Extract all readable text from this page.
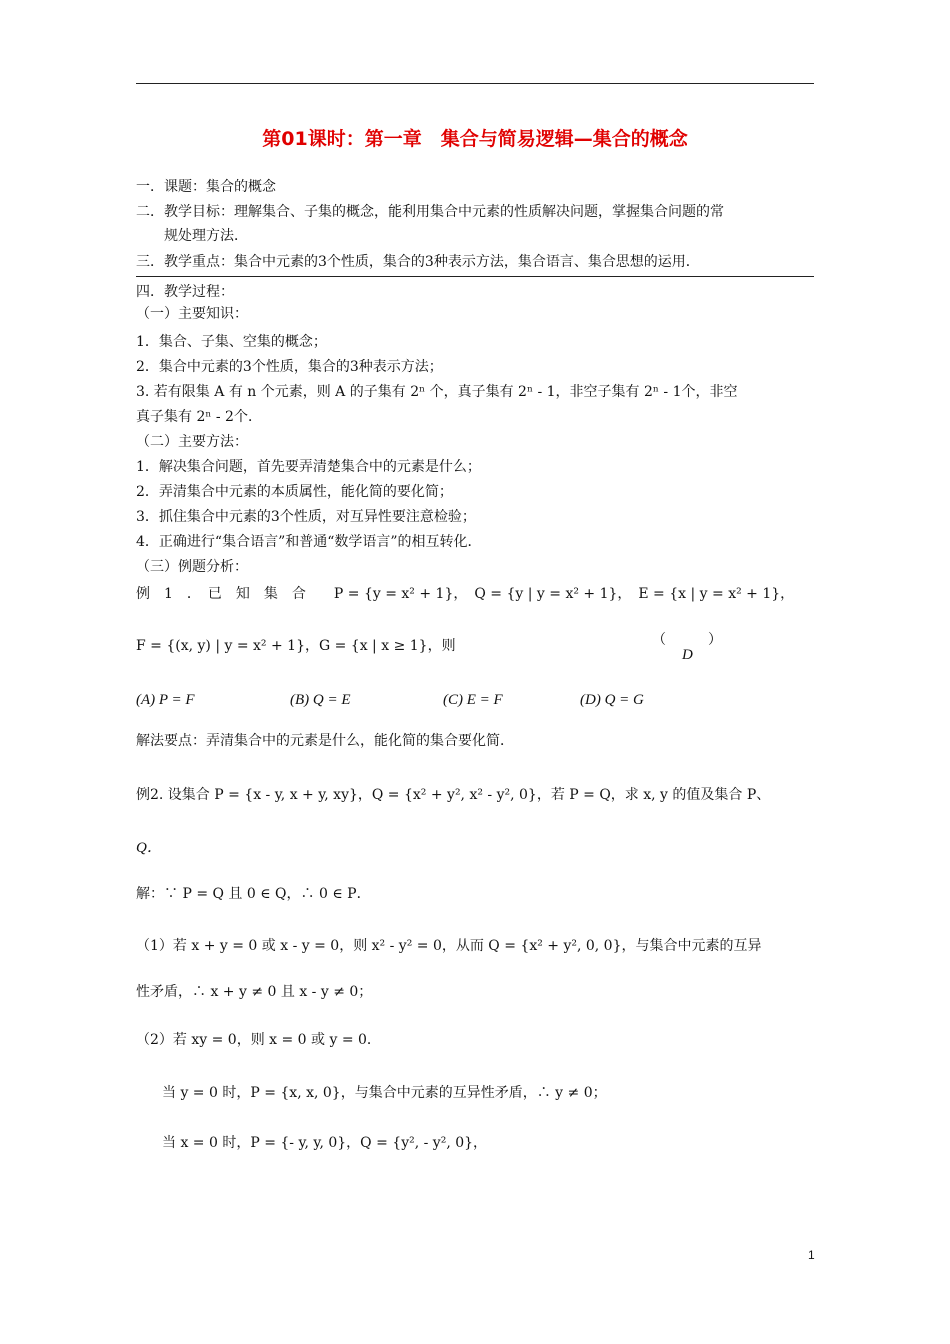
第01课时：第一章　集合与简易逻辑—集合的概念
一．课题：集合的概念
二．教学目标：理解集合、子集的概念，能利用集合中元素的性质解决问题，掌握集合问题的常
规处理方法．
三．教学重点：集合中元素的3个性质，集合的3种表示方法，集合语言、集合思想的运用．
四．教学过程：
（一）主要知识：
1．集合、子集、空集的概念；
2．集合中元素的3个性质，集合的3种表示方法；
3. 若有限集 A 有 n 个元素，则 A 的子集有 2ⁿ 个，真子集有 2ⁿ - 1，非空子集有 2ⁿ - 1个，非空
真子集有 2ⁿ - 2个．
（二）主要方法：
1．解决集合问题，首先要弄清楚集合中的元素是什么；
2．弄清集合中元素的本质属性，能化简的要化简；
3．抓住集合中元素的3个性质，对互异性要注意检验；
4．正确进行“集合语言”和普通“数学语言”的相互转化．
（三）例题分析：
例　1　．　已　知　集　合　　P = {y = x² + 1}，　Q = {y | y = x² + 1}，　E = {x | y = x² + 1}，
F = {(x, y) | y = x² + 1}，G = {x | x ≥ 1}，则	（　　　）
D
(A) P = F	(B) Q = E	(C) E = F	(D) Q = G
解法要点：弄清集合中的元素是什么，能化简的集合要化简．
例2. 设集合 P = {x - y, x + y, xy}，Q = {x² + y², x² - y², 0}，若 P = Q，求 x, y 的值及集合 P、
Q．
解：∵ P = Q 且 0 ∈ Q，∴ 0 ∈ P．
（1）若 x + y = 0 或 x - y = 0，则 x² - y² = 0，从而 Q = {x² + y², 0, 0}，与集合中元素的互异
性矛盾，∴ x + y ≠ 0 且 x - y ≠ 0；
（2）若 xy = 0，则 x = 0 或 y = 0．
当 y = 0 时，P = {x, x, 0}，与集合中元素的互异性矛盾，∴ y ≠ 0；
当 x = 0 时，P = {- y, y, 0}，Q = {y², - y², 0}，
1
